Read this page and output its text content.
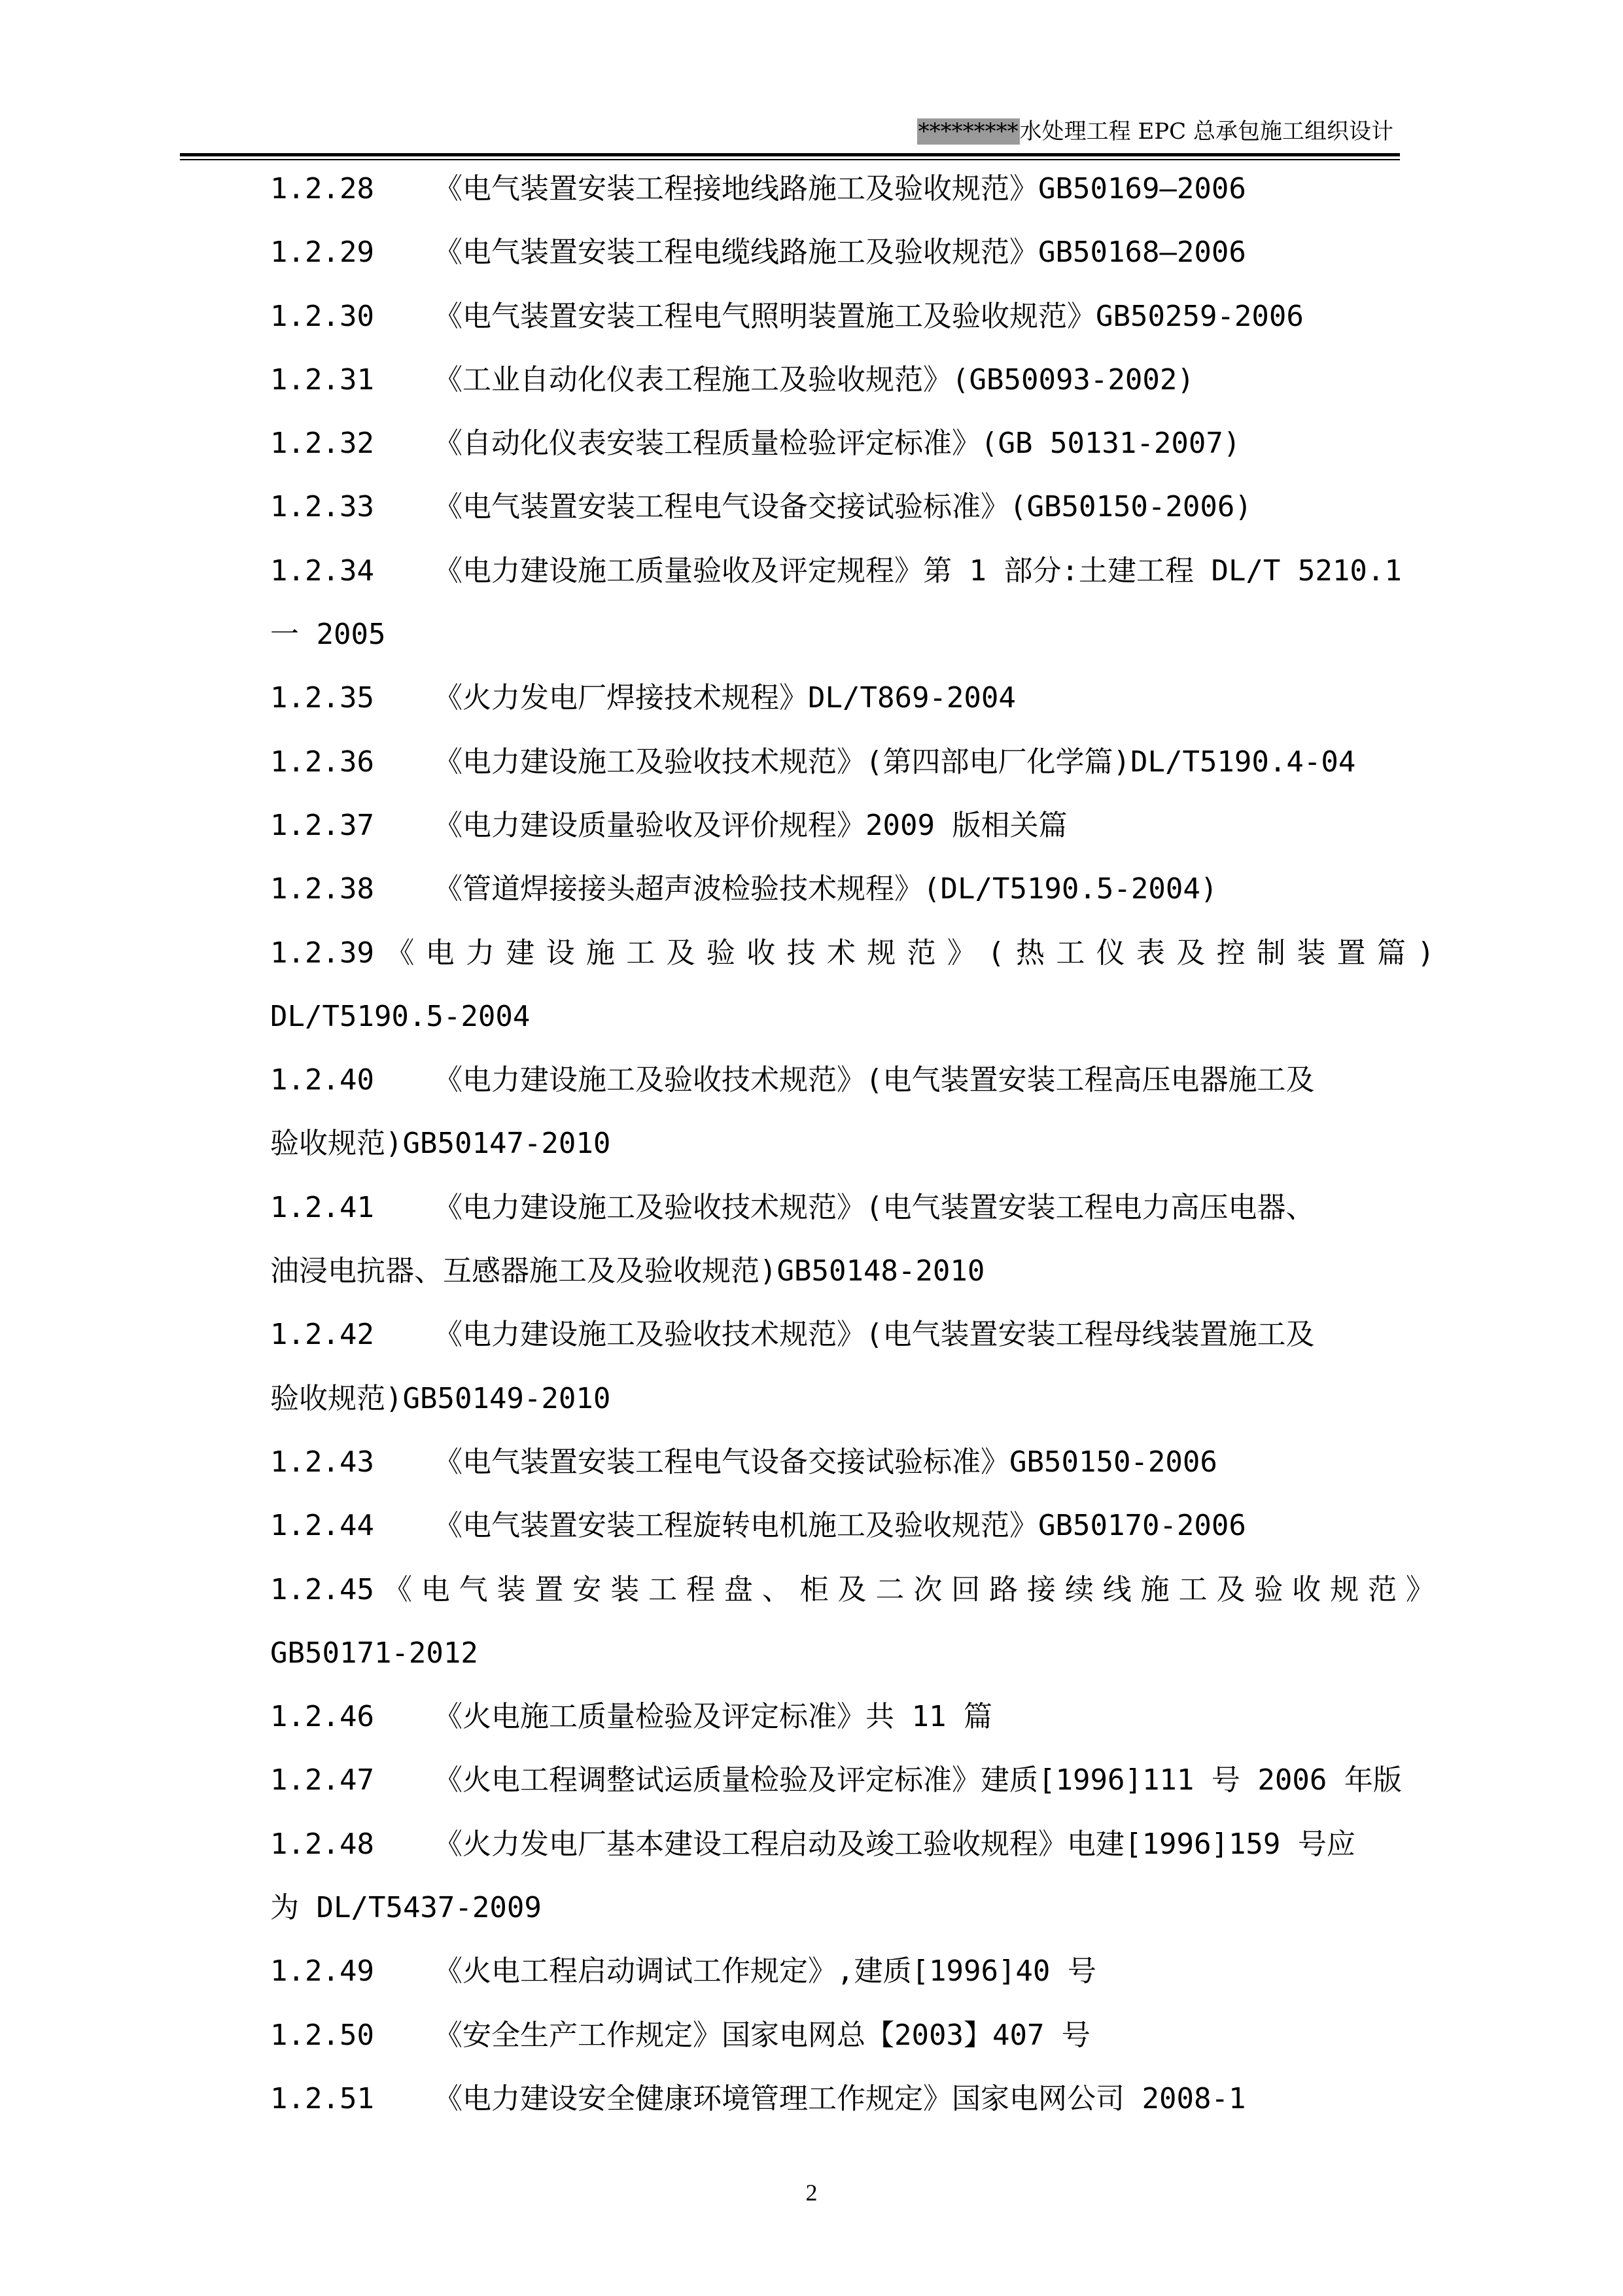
*********水处理工程 EPC 总承包施工组织设计
1.2.28 《电气装置安装工程接地线路施工及验收规范》GB50169—2006
1.2.29 《电气装置安装工程电缆线路施工及验收规范》GB50168—2006
1.2.30 《电气装置安装工程电气照明装置施工及验收规范》GB50259-2006
1.2.31 《工业自动化仪表工程施工及验收规范》(GB50093-2002)
1.2.32 《自动化仪表安装工程质量检验评定标准》(GB 50131-2007)
1.2.33 《电气装置安装工程电气设备交接试验标准》(GB50150-2006)
1.2.34 《电力建设施工质量验收及评定规程》第 1 部分:土建工程 DL/T 5210.1
一 2005
1.2.35 《火力发电厂焊接技术规程》DL/T869-2004
1.2.36 《电力建设施工及验收技术规范》(第四部电厂化学篇)DL/T5190.4-04
1.2.37 《电力建设质量验收及评价规程》2009 版相关篇
1.2.38 《管道焊接接头超声波检验技术规程》(DL/T5190.5-2004)
1.2.39 《 电 力 建 设 施 工 及 验 收 技 术 规 范 》 ( 热 工 仪 表 及 控 制 装 置 篇 )
DL/T5190.5-2004
1.2.40 《电力建设施工及验收技术规范》(电气装置安装工程高压电器施工及
验收规范)GB50147-2010
1.2.41 《电力建设施工及验收技术规范》(电气装置安装工程电力高压电器、
油浸电抗器、互感器施工及及验收规范)GB50148-2010
1.2.42 《电力建设施工及验收技术规范》(电气装置安装工程母线装置施工及
验收规范)GB50149-2010
1.2.43 《电气装置安装工程电气设备交接试验标准》GB50150-2006
1.2.44 《电气装置安装工程旋转电机施工及验收规范》GB50170-2006
1.2.45 《 电 气 装 置 安 装 工 程 盘 、 柜 及 二 次 回 路 接 续 线 施 工 及 验 收 规 范 》
GB50171-2012
1.2.46 《火电施工质量检验及评定标准》共 11 篇
1.2.47 《火电工程调整试运质量检验及评定标准》建质[1996]111 号 2006 年版
1.2.48 《火力发电厂基本建设工程启动及竣工验收规程》电建[1996]159 号应
为 DL/T5437-2009
1.2.49 《火电工程启动调试工作规定》,建质[1996]40 号
1.2.50 《安全生产工作规定》国家电网总【2003】407 号
1.2.51 《电力建设安全健康环境管理工作规定》国家电网公司 2008-1
2
